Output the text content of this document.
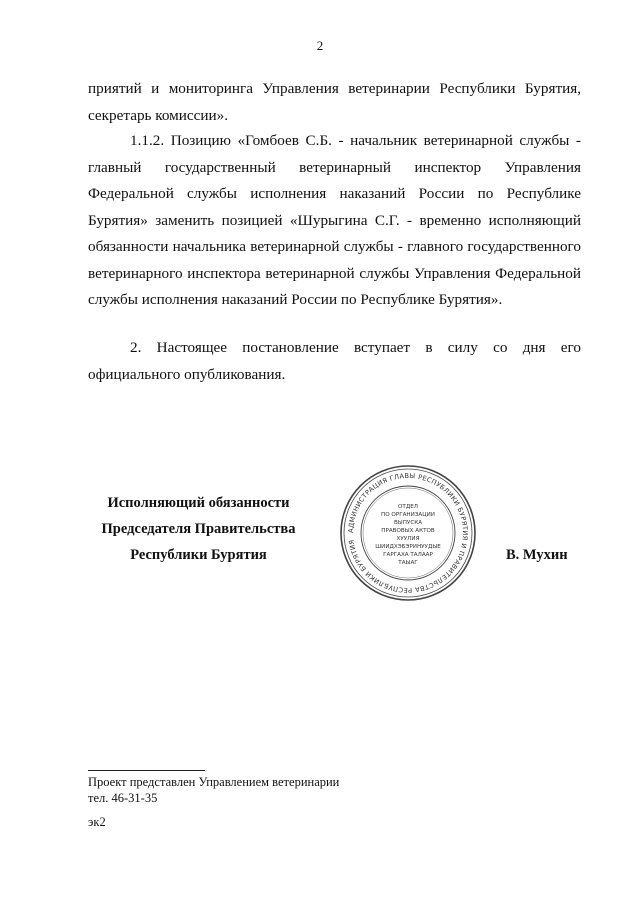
2

приятий и мониторинга Управления ветеринарии Республики Бурятия, секретарь комиссии».

1.1.2. Позицию «Гомбоев С.Б. - начальник ветеринарной службы - главный государственный ветеринарный инспектор Управления Федеральной службы исполнения наказаний России по Республике Бурятия» заменить позицией «Шурыгина С.Г. - временно исполняющий обязанности начальника ветеринарной службы - главного государственного ветеринарного инспектора ветеринарной службы Управления Федеральной службы исполнения наказаний России по Республике Бурятия».

2. Настоящее постановление вступает в силу со дня его официального опубликования.

Исполняющий обязанности
Председателя Правительства
Республики Бурятия
АДМИНИСТРАЦИЯ ГЛАВЫ РЕСПУБЛИКИ БУРЯТИЯ И ПРАВИТЕЛЬСТВА РЕСПУБЛИКИ БУРЯТИЯ
ОТДЕЛ
ПО ОРГАНИЗАЦИИ
ВЫПУСКА
ПРАВОВЫХ АКТОВ
ХУУЛИЯ
ШИИДХЭБЭРИНУУДЫЕ
ГАРГАХА ТАЛААР
ТАЫАГ	В. Мухин
Проект представлен Управлением ветеринарии
тел. 46-31-35
эк2
